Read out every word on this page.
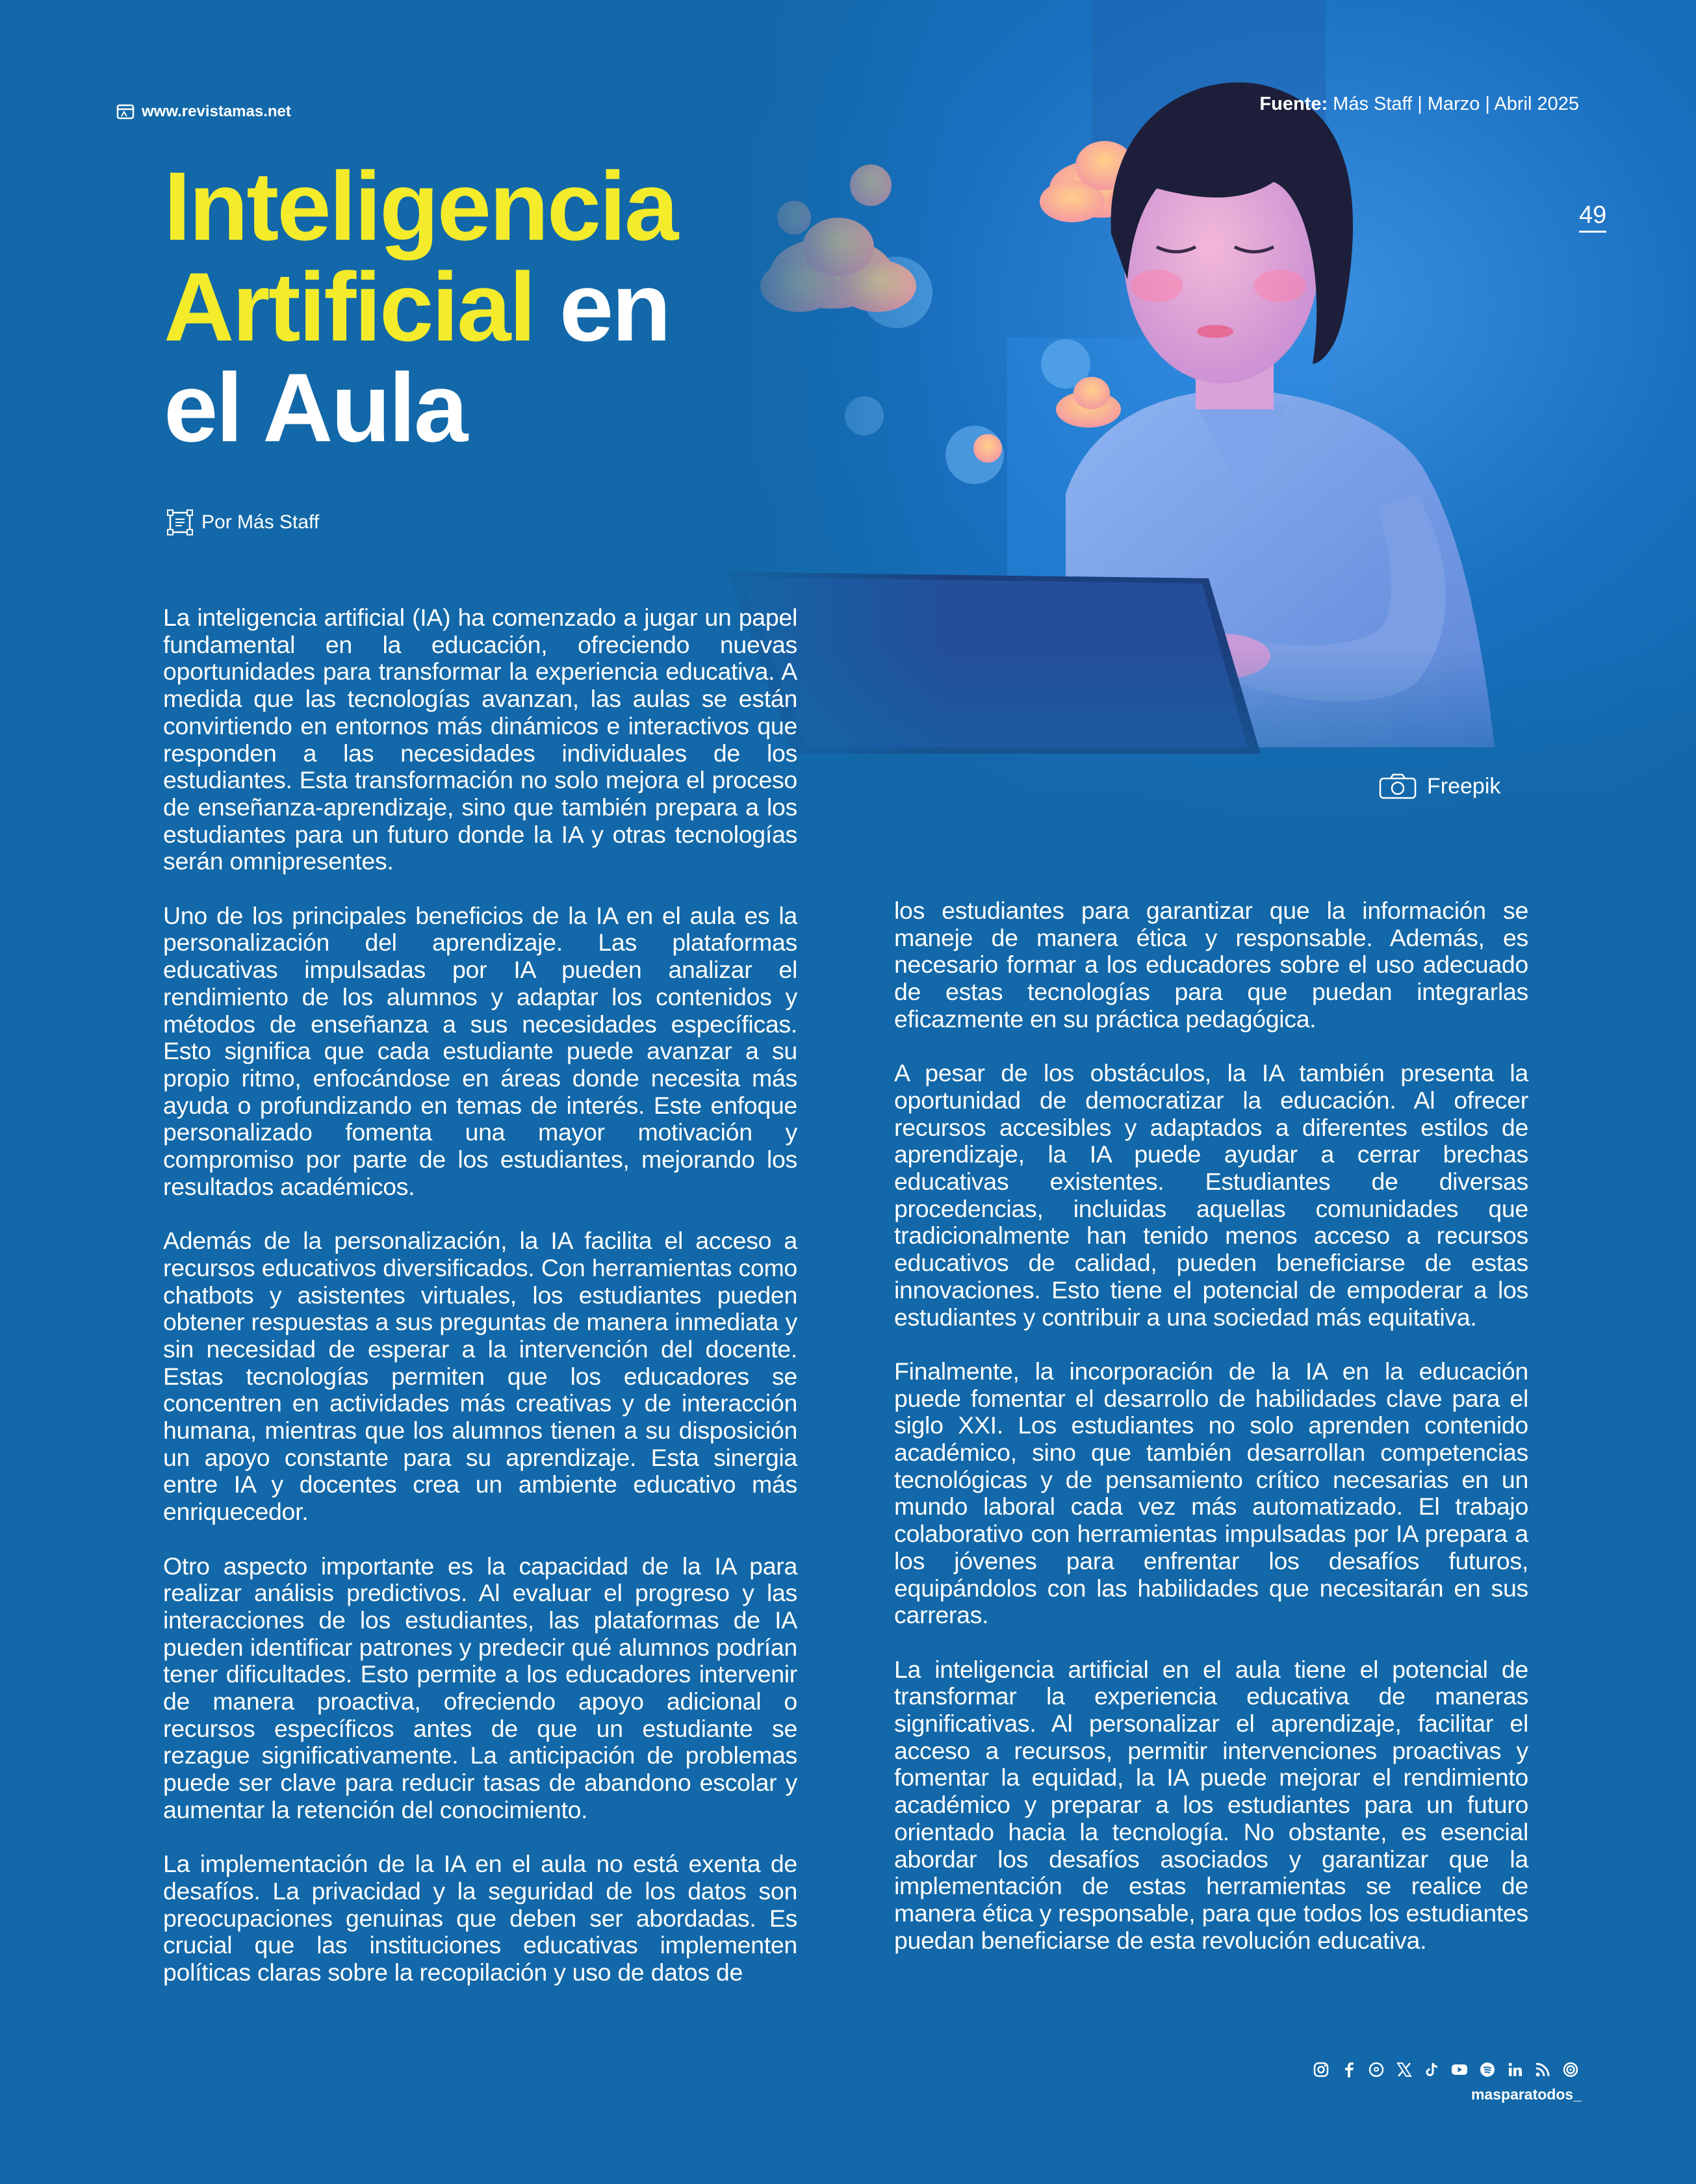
www.revistamas.net	Fuente: Más Staff | Marzo | Abril 2025
49
Inteligencia
Artificial en
el Aula
Por Más Staff
Freepik

La inteligencia artificial (IA) ha comenzado a jugar un papel fundamental en la educación, ofreciendo nuevas oportunidades para transformar la experiencia educativa. A medida que las tecnologías avanzan, las aulas se están convirtiendo en entornos más dinámicos e interactivos que responden a las necesidades individuales de los estudiantes. Esta transformación no solo mejora el proceso de enseñanza-aprendizaje, sino que también prepara a los estudiantes para un futuro donde la IA y otras tecnologías serán omnipresentes.

Uno de los principales beneficios de la IA en el aula es la personalización del aprendizaje. Las plataformas educativas impulsadas por IA pueden analizar el rendimiento de los alumnos y adaptar los contenidos y métodos de enseñanza a sus necesidades específicas. Esto significa que cada estudiante puede avanzar a su propio ritmo, enfocándose en áreas donde necesita más ayuda o profundizando en temas de interés. Este enfoque personalizado fomenta una mayor motivación y compromiso por parte de los estudiantes, mejorando los resultados académicos.

Además de la personalización, la IA facilita el acceso a recursos educativos diversificados. Con herramientas como chatbots y asistentes virtuales, los estudiantes pueden obtener respuestas a sus preguntas de manera inmediata y sin necesidad de esperar a la intervención del docente. Estas tecnologías permiten que los educadores se concentren en actividades más creativas y de interacción humana, mientras que los alumnos tienen a su disposición un apoyo constante para su aprendizaje. Esta sinergia entre IA y docentes crea un ambiente educativo más enriquecedor.

Otro aspecto importante es la capacidad de la IA para realizar análisis predictivos. Al evaluar el progreso y las interacciones de los estudiantes, las plataformas de IA pueden identificar patrones y predecir qué alumnos podrían tener dificultades. Esto permite a los educadores intervenir de manera proactiva, ofreciendo apoyo adicional o recursos específicos antes de que un estudiante se rezague significativamente. La anticipación de problemas puede ser clave para reducir tasas de abandono escolar y aumentar la retención del conocimiento.

La implementación de la IA en el aula no está exenta de desafíos. La privacidad y la seguridad de los datos son preocupaciones genuinas que deben ser abordadas. Es crucial que las instituciones educativas implementen políticas claras sobre la recopilación y uso de datos de

los estudiantes para garantizar que la información se maneje de manera ética y responsable. Además, es necesario formar a los educadores sobre el uso adecuado de estas tecnologías para que puedan integrarlas eficazmente en su práctica pedagógica.

A pesar de los obstáculos, la IA también presenta la oportunidad de democratizar la educación. Al ofrecer recursos accesibles y adaptados a diferentes estilos de aprendizaje, la IA puede ayudar a cerrar brechas educativas existentes. Estudiantes de diversas procedencias, incluidas aquellas comunidades que tradicionalmente han tenido menos acceso a recursos educativos de calidad, pueden beneficiarse de estas innovaciones. Esto tiene el potencial de empoderar a los estudiantes y contribuir a una sociedad más equitativa.

Finalmente, la incorporación de la IA en la educación puede fomentar el desarrollo de habilidades clave para el siglo XXI. Los estudiantes no solo aprenden contenido académico, sino que también desarrollan competencias tecnológicas y de pensamiento crítico necesarias en un mundo laboral cada vez más automatizado. El trabajo colaborativo con herramientas impulsadas por IA prepara a los jóvenes para enfrentar los desafíos futuros, equipándolos con las habilidades que necesitarán en sus carreras.

La inteligencia artificial en el aula tiene el potencial de transformar la experiencia educativa de maneras significativas. Al personalizar el aprendizaje, facilitar el acceso a recursos, permitir intervenciones proactivas y fomentar la equidad, la IA puede mejorar el rendimiento académico y preparar a los estudiantes para un futuro orientado hacia la tecnología. No obstante, es esencial abordar los desafíos asociados y garantizar que la implementación de estas herramientas se realice de manera ética y responsable, para que todos los estudiantes puedan beneficiarse de esta revolución educativa.

masparatodos_
